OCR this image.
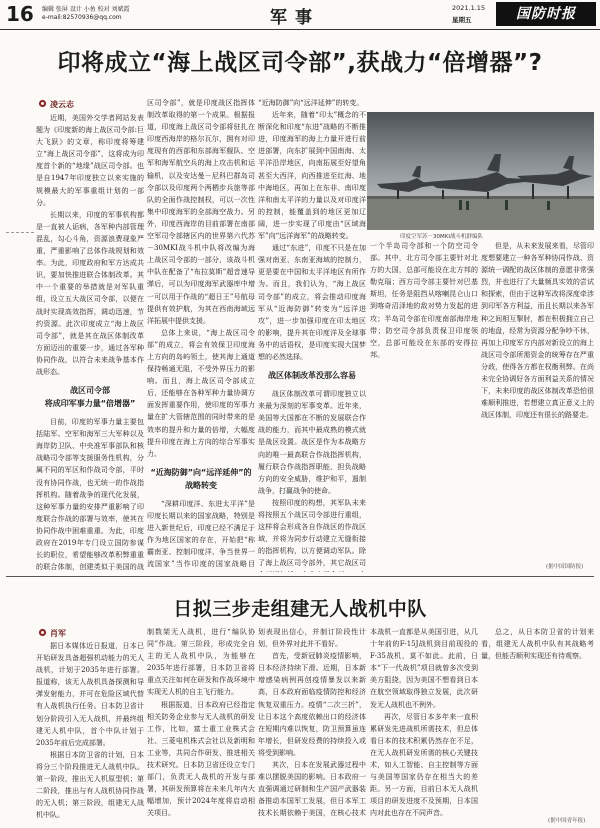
16 编辑 张屏 设计 小鱼 校对 刘斌霞
e-mail:82570936@qq.com	军事	2021.1.15
星期五	国防时报
印将成立“海上战区司令部”,获战力“倍增器”?
凌云志

近期，美国外交学者网站发表题为《印度新的海上战区司令部:巨大飞跃》的文章，称印度将筹建立“海上战区司令部”，这将成为印度首个新的“地缘”战区司令部。也是自1947年印度独立以来实施的规模最大的军事重组计划的一部分。

长期以来，印度的军事机构都是一直被人诟病，各军种内部管理混乱，勾心斗角，资源浪费现象严重，严重影响了总体作战规划和效率。为此，印度政府和军方达成共识，要加快推进联合体制改革。其中一个重要的举措就是对军队重组，设立五大战区司令部，以便在战时实现高效指挥，调动迅速，节约资源。此次印度成立“海上战区司令部”，就是其在战区体制改革方面迈出的重要一步，通过各军种协同作战，以符合未来战争基本作战形态。

战区司令部
将成印军事力量“倍增器”

目前，印度的军事力量主要包括陆军、空军和海军三大军种以及海岸防卫队、中央准军事部队和核战略司令部等支援服务性机构，分属不同的军区和作战司令部，平时没有协同作战，也无统一的作战指挥机构。随着战争的现代化发展，这种军事力量的安排严重影响了印度联合作战的部署与效率，使其在协同作战中困难重重。为此，印度政府在2019年专门设立国防参谋长的职位，希望能够改革积弊重重的联合体制，创建类似于美国的战

区司令部”，就是印度战区指挥体制改革取得的第一个成果。根据报道，印度海上战区司令部将驻扎在印度西海岸的格尔瓦尔，拥有对印度现有的西部和东部海军舰队、空军和海军航空兵的海上攻击机和运输机，以及安达曼－尼科巴群岛司令部以及印度两个两栖步兵旅等部队的全面作战控制权，可以一次性集中印度海军的全部海空战力。另外，印度西海岸的目前部署在南部空军司令部辖区内的世界第六代苏－30MKI战斗机中队将改编为海上战区司令部的一部分，该战斗机中队在配备了“布拉莫斯”超音速导弹后，可以为印度海军武器库中增一可以用于作战的“超日王”号航母提供有效护航，为其在西南海域远洋拓展中提供支援。

总体上来说，“海上战区司令部”的成立，将会有效保卫印度海上方向的岛屿领土，使其海上通道保持畅通无阻，不受外界压力的影响。而且，海上战区司令部成立后，还能够在各种军种力量协调方面发挥重要作用，使印度的军事力量在扩大管辖范围的同时带来的是效率的提升和力量的倍增，大幅度提升印度在海上方向的综合军事实力。

“近海防御”向“远洋延伸”的战略转变

“深耕印度洋、东进太平洋”是印度长期以来的国家战略，特别是进入新世纪后，印度已经不满足于作为地区国家的存在，开始把“称霸南亚、控制印度洋、争当世界一流国家”当作印度的国家战略目

“近海防御”向“远洋延伸”的转变。

近年来，随着“印太”概念的不断深化和印度“东进”战略的不断推进，印度海军的海上力量开进行前进部署，向东扩展到中国南海、太平洋沿岸地区，向南拓展至好望角甚至大西洋，向西推进至红海、地中海地区，再加上在东非、南印度洋和南太平洋的力量以及对印度洋的控制，能覆盖到的地区更加辽阔，进一步实现了印度由“区域海军”向“远洋海军”的战略转变。

通过“东进”，印度不只是在加强对南亚、东南亚海域的控制力，更是要在中国和太平洋地区有所作为。而且，我们认为，“海上战区司令部”的成立，将会推动印度海军从“近海防御”转变为“远洋进攻”，进一步加强印度在印太地区的影响，提升其在印度洋及全球事务中的话语权，是印度实现大国梦想的必然选择。

战区体制改革没那么容易

战区体制改革可谓印度独立以来最为深刻的军事变革。近年来，美国等大国都在不断的发展联合作战的能力，而其中最成熟的模式就是战区设置。战区是作为本战略方向的唯一最高联合作战指挥机构，履行联合作战指挥职能，担负战略方向的安全威胁，维护和平，遏制战争，打赢战争的使命。

按照印度的构想，其军队未来将按照五个战区司令部进行重组，这样将会形成各自作战区的作战区域，并将为同步行动建立无缝衔接的指挥机构，以方便调动军队。除了海上战区司令部外，其它战区司

印度空军苏－30MKI战斗机群编队

一个半岛司令部和一个防空司令部。其中，北方司令部主要针对北方的大国，总部可能设在北方邦的勒克瑙；西方司令部主要针对巴基斯坦，任务是阻挡从喀喇昆仑山口到喀奇沼泽地的敌对势力发起的进攻；半岛司令部在印度南部海岸地带；防空司令部负责保卫印度领空，总部可能设在东部的安得拉邦。

但是，从未来发展来看，尽管印度想要建立一种各军种协同作战、资源统一调配的战区体制的意愿非常强烈，并也进行了大量频具实效的尝试和探索，但由于这种军改将深度牵涉到印军各方利益，而且长期以来各军种之间相互掣肘，都在积极拥立自己的地盘，经常为资源分配争吵不休，再加上印度军方内部对新设立的海上战区司令部所需资金的统筹存在严重分歧，使得各方都在权衡利弊。在尚未完全协调好各方面利益关系的情况下，未来印度的战区体制改革恐怕很难顺利推进，若想建立真正意义上的战区体制，印度还有很长的路要走。

(据中国国防报)
日拟三步走组建无人战机中队
肖军

据日本媒体近日报道，日本已开始研发具备超强机动能力的无人战机，计划于2035年进行部署。报道称，该无人战机具备探测和导弹发射能力，并可在危险区域代替有人战机执行任务。日本防卫省计划分阶段引入无人战机，并最终组建无人机中队，首个中队计划于2035年前后完成部署。

根据日本防卫省的计划，日本将分三个阶段推进无人战机中队。第一阶段，推出无人机原型机；第二阶段，推出与有人战机协同作战的无人机；第三阶段，组建无人战机中队。

制数架无人战机，进行“编队协同”作战。第三阶段，形成完全自主的无人战机中队，为能够在2035年进行部署，日本防卫省将重点关注如何在研发和作战环境中实现无人机的自主飞行能力。

根据报道，日本政府已经指定相关防务企业参与无人战机的研发工作，比如，富士重工业株式会社、三菱电机株式会社以及新明和工业等，共同合作研发，推进相关技术研究。日本防卫省还设立专门部门，负责无人战机的开发与部署，其研发预算将在未来几年内大幅增加，预计2024年度将启动相关项目。

划表现出信心，并制订阶段性计划，但外界对此并不看好。

首先，受新冠肺炎疫情影响，日本经济持续下滑。近期，日本新增感染病例再创疫情暴发以来新高，日本政府面临疫情防控和经济恢复双重压力。疫情“二次三折”，让日本这个高度依赖出口的经济体在短期内难以恢复，防卫预算虽连年增长，但研发经费的持续投入或将受到影响。

其次，日本在发展武器过程中难以摆脱美国的影响。日本政府一直强调通过研制和生产国产武器装备推动本国军工发展，但日本军工技术长期依赖于美国，在核心技术

本战机一直都是从美国引进，从几十年前的F-15J战机到目前现役的F-35战机，莫不如此。此前，日本“下一代战机”项目就曾多次受到美方阻挠，因为美国不想看到日本在航空领域取得独立发展，此次研发无人战机也不例外。

再次，尽管日本多年来一直积累研发先进战机所需技术，但总体看日本的技术积累仍然存在不足，在无人战机研发所需的核心关键技术，如人工智能、自主控制等方面与美国等国家仍存在相当大的差距。另一方面，目前日本无人战机项目的研发进度不及预期，日本国内对此也存在不同声音。

总之，从日本防卫省的计划来看，组建无人战机中队有其战略考量，但能否顺利实现还有待观察。

(据中国青年报)
